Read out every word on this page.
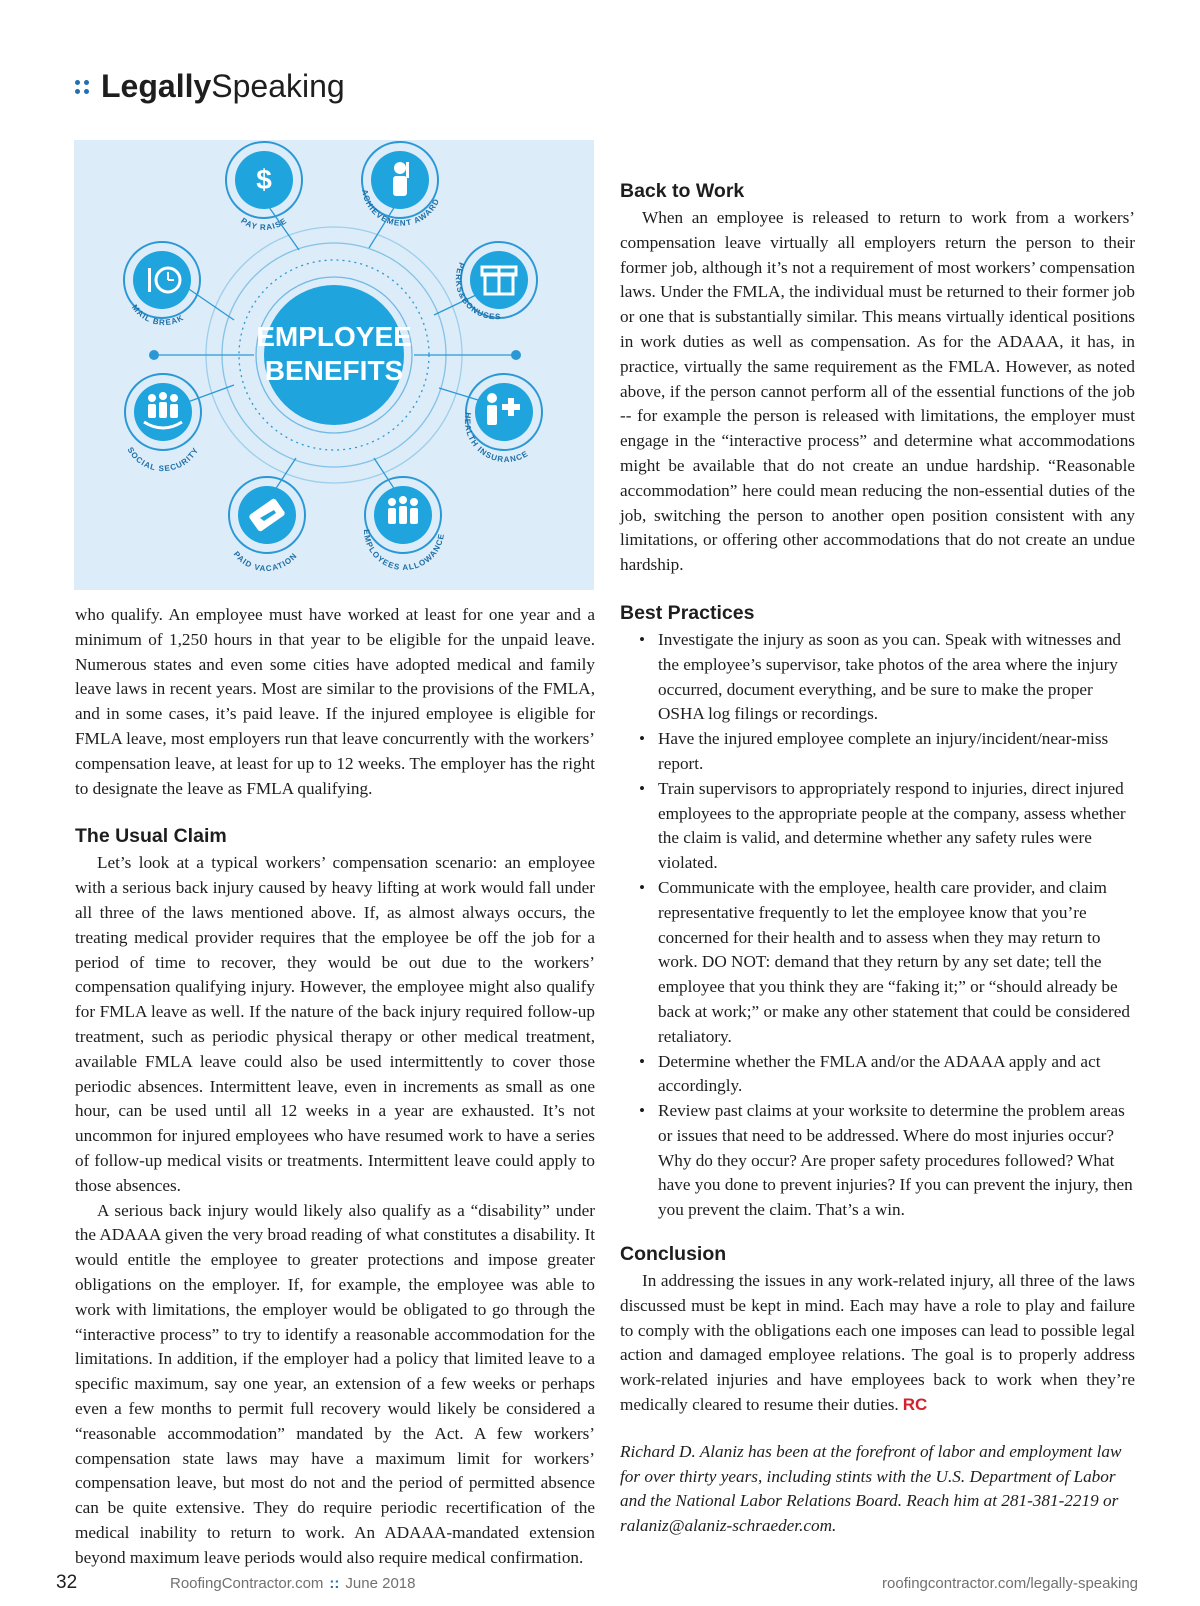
LegallySpeaking
EMPLOYEE
BENEFITS
$
PAY RAISE
ACHIEVEMENT AWARD
PERKS&BONUSES
HEALTH INSURANCE
EMPLOYEES ALLOWANCE
PAID VACATION
SOCIAL SECURITY
MAIL BREAK

who qualify. An employee must have worked at least for one year and a minimum of 1,250 hours in that year to be eligible for the unpaid leave. Numerous states and even some cities have adopted medical and family leave laws in recent years. Most are similar to the provisions of the FMLA, and in some cases, it’s paid leave. If the injured employee is eligible for FMLA leave, most employers run that leave concurrently with the workers’ compensation leave, at least for up to 12 weeks. The employer has the right to designate the leave as FMLA qualifying.

The Usual Claim

Let’s look at a typical workers’ compensation scenario: an employee with a serious back injury caused by heavy lifting at work would fall under all three of the laws mentioned above. If, as almost always occurs, the treating medical provider requires that the employee be off the job for a period of time to recover, they would be out due to the workers’ compensation qualifying injury. However, the employee might also qualify for FMLA leave as well. If the nature of the back injury required follow-up treatment, such as periodic physical therapy or other medical treatment, available FMLA leave could also be used intermittently to cover those periodic absences. Intermittent leave, even in increments as small as one hour, can be used until all 12 weeks in a year are exhausted. It’s not uncommon for injured employees who have resumed work to have a series of follow-up medical visits or treatments. Intermittent leave could apply to those absences.

A serious back injury would likely also qualify as a “disability” under the ADAAA given the very broad reading of what constitutes a disability. It would entitle the employee to greater protections and impose greater obligations on the employer. If, for example, the employee was able to work with limitations, the employer would be obligated to go through the “interactive process” to try to identify a reasonable accommodation for the limitations. In addition, if the employer had a policy that limited leave to a specific maximum, say one year, an extension of a few weeks or perhaps even a few months to permit full recovery would likely be considered a “reasonable accommodation” mandated by the Act. A few workers’ compensation state laws may have a maximum limit for workers’ compensation leave, but most do not and the period of permitted absence can be quite extensive. They do require periodic recertification of the medical inability to return to work. An ADAAA-mandated extension beyond maximum leave periods would also require medical confirmation.

Back to Work

When an employee is released to return to work from a workers’ compensation leave virtually all employers return the person to their former job, although it’s not a requirement of most workers’ compensation laws. Under the FMLA, the individual must be returned to their former job or one that is substantially similar. This means virtually identical positions in work duties as well as compensation. As for the ADAAA, it has, in practice, virtually the same requirement as the FMLA. However, as noted above, if the person cannot perform all of the essential functions of the job -- for example the person is released with limitations, the employer must engage in the “interactive process” and determine what accommodations might be available that do not create an undue hardship. “Reasonable accommodation” here could mean reducing the non-essential duties of the job, switching the person to another open position consistent with any limitations, or offering other accommodations that do not create an undue hardship.

Best Practices
• Investigate the injury as soon as you can. Speak with witnesses and the employee’s supervisor, take photos of the area where the injury occurred, document everything, and be sure to make the proper OSHA log filings or recordings.
• Have the injured employee complete an injury/incident/near-miss report.
• Train supervisors to appropriately respond to injuries, direct injured employees to the appropriate people at the company, assess whether the claim is valid, and determine whether any safety rules were violated.
• Communicate with the employee, health care provider, and claim representative frequently to let the employee know that you’re concerned for their health and to assess when they may return to work. DO NOT: demand that they return by any set date; tell the employee that you think they are “faking it;” or “should already be back at work;” or make any other statement that could be considered retaliatory.
• Determine whether the FMLA and/or the ADAAA apply and act accordingly.
• Review past claims at your worksite to determine the problem areas or issues that need to be addressed. Where do most injuries occur? Why do they occur? Are proper safety procedures followed? What have you done to prevent injuries? If you can prevent the injury, then you prevent the claim. That’s a win.
Conclusion

In addressing the issues in any work-related injury, all three of the laws discussed must be kept in mind. Each may have a role to play and failure to comply with the obligations each one imposes can lead to possible legal action and damaged employee relations. The goal is to properly address work-related injuries and have employees back to work when they’re medically cleared to resume their duties. RC

Richard D. Alaniz has been at the forefront of labor and employment law for over thirty years, including stints with the U.S. Department of Labor and the National Labor Relations Board. Reach him at 281-381-2219 or ralaniz@alaniz-schraeder.com.

32	RoofingContractor.com :: June 2018	roofingcontractor.com/legally-speaking
